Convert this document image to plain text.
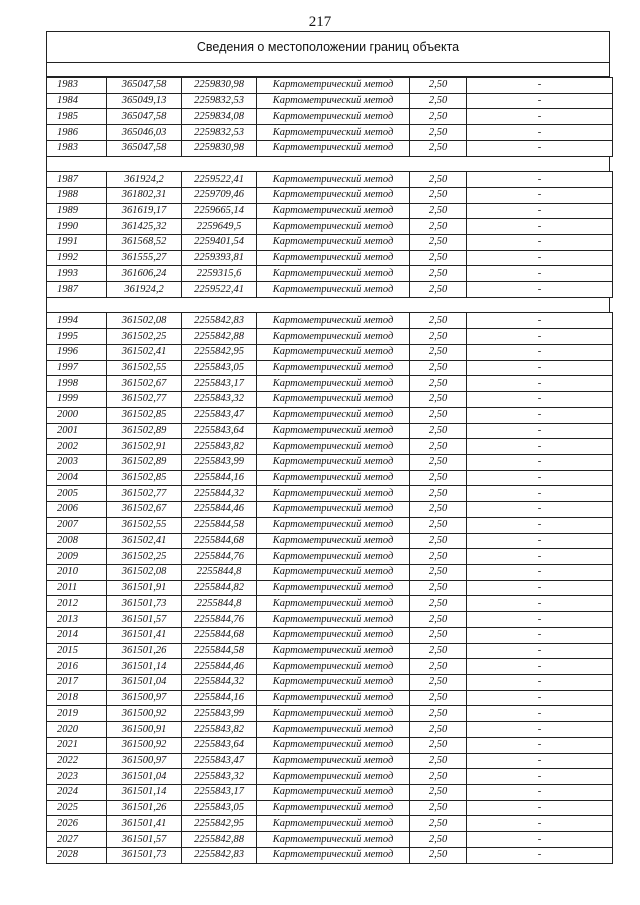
217
Сведения о местоположении границ объекта
1983	365047,58	2259830,98	Картометрический метод	2,50	-
1984	365049,13	2259832,53	Картометрический метод	2,50	-
1985	365047,58	2259834,08	Картометрический метод	2,50	-
1986	365046,03	2259832,53	Картометрический метод	2,50	-
1983	365047,58	2259830,98	Картометрический метод	2,50	-
1987	361924,2	2259522,41	Картометрический метод	2,50	-
1988	361802,31	2259709,46	Картометрический метод	2,50	-
1989	361619,17	2259665,14	Картометрический метод	2,50	-
1990	361425,32	2259649,5	Картометрический метод	2,50	-
1991	361568,52	2259401,54	Картометрический метод	2,50	-
1992	361555,27	2259393,81	Картометрический метод	2,50	-
1993	361606,24	2259315,6	Картометрический метод	2,50	-
1987	361924,2	2259522,41	Картометрический метод	2,50	-
1994	361502,08	2255842,83	Картометрический метод	2,50	-
1995	361502,25	2255842,88	Картометрический метод	2,50	-
1996	361502,41	2255842,95	Картометрический метод	2,50	-
1997	361502,55	2255843,05	Картометрический метод	2,50	-
1998	361502,67	2255843,17	Картометрический метод	2,50	-
1999	361502,77	2255843,32	Картометрический метод	2,50	-
2000	361502,85	2255843,47	Картометрический метод	2,50	-
2001	361502,89	2255843,64	Картометрический метод	2,50	-
2002	361502,91	2255843,82	Картометрический метод	2,50	-
2003	361502,89	2255843,99	Картометрический метод	2,50	-
2004	361502,85	2255844,16	Картометрический метод	2,50	-
2005	361502,77	2255844,32	Картометрический метод	2,50	-
2006	361502,67	2255844,46	Картометрический метод	2,50	-
2007	361502,55	2255844,58	Картометрический метод	2,50	-
2008	361502,41	2255844,68	Картометрический метод	2,50	-
2009	361502,25	2255844,76	Картометрический метод	2,50	-
2010	361502,08	2255844,8	Картометрический метод	2,50	-
2011	361501,91	2255844,82	Картометрический метод	2,50	-
2012	361501,73	2255844,8	Картометрический метод	2,50	-
2013	361501,57	2255844,76	Картометрический метод	2,50	-
2014	361501,41	2255844,68	Картометрический метод	2,50	-
2015	361501,26	2255844,58	Картометрический метод	2,50	-
2016	361501,14	2255844,46	Картометрический метод	2,50	-
2017	361501,04	2255844,32	Картометрический метод	2,50	-
2018	361500,97	2255844,16	Картометрический метод	2,50	-
2019	361500,92	2255843,99	Картометрический метод	2,50	-
2020	361500,91	2255843,82	Картометрический метод	2,50	-
2021	361500,92	2255843,64	Картометрический метод	2,50	-
2022	361500,97	2255843,47	Картометрический метод	2,50	-
2023	361501,04	2255843,32	Картометрический метод	2,50	-
2024	361501,14	2255843,17	Картометрический метод	2,50	-
2025	361501,26	2255843,05	Картометрический метод	2,50	-
2026	361501,41	2255842,95	Картометрический метод	2,50	-
2027	361501,57	2255842,88	Картометрический метод	2,50	-
2028	361501,73	2255842,83	Картометрический метод	2,50	-
